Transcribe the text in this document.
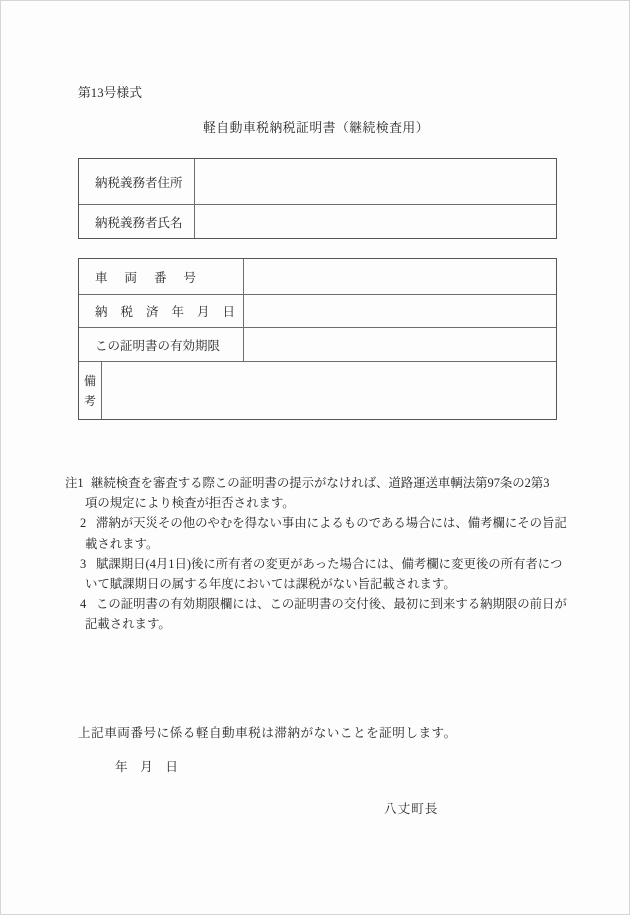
第13号様式
軽自動車税納税証明書（継続検査用）
納税義務者住所
納税義務者氏名
車両番号
納税済年月日
この証明書の有効期限
備
考
注1 継続検査を審査する際この証明書の提示がなければ、道路運送車輌法第97条の2第3
項の規定により検査が拒否されます。
2 滞納が天災その他のやむを得ない事由によるものである場合には、備考欄にその旨記
載されます。
3 賦課期日(4月1日)後に所有者の変更があった場合には、備考欄に変更後の所有者につ
いて賦課期日の属する年度においては課税がない旨記載されます。
4 この証明書の有効期限欄には、この証明書の交付後、最初に到来する納期限の前日が
記載されます。
上記車両番号に係る軽自動車税は滞納がないことを証明します。
年　月　日
八丈町長
